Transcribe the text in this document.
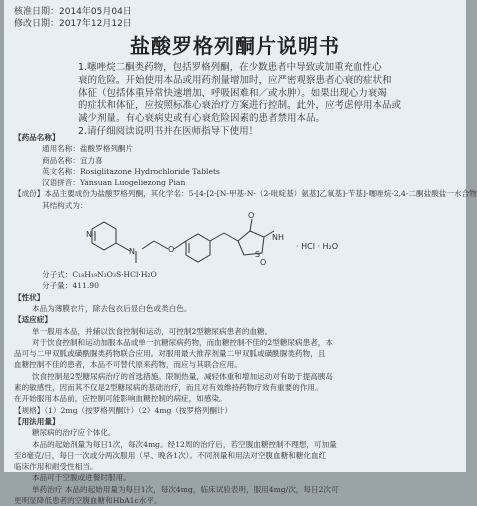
核准日期：2014年05月04日
修改日期：2017年12月12日
盐酸罗格列酮片说明书

1.噻唑烷二酮类药物，包括罗格列酮，在少数患者中导致或加重充血性心

衰的危险。开始使用本品或用药剂量增加时，应严密观察患者心衰的症状和

体征（包括体重异常快速增加、呼吸困难和／或水肿）。如果出现心力衰竭

的症状和体征，应按照标准心衰治疗方案进行控制。此外，应考虑停用本品或

减少剂量。有心衰病史或有心衰危险因素的患者禁用本品。

2.请仔细阅读说明书并在医师指导下使用！

【药品名称】
通用名称：盐酸罗格列酮片
商品名称：宜力喜
英文名称：Rosiglitazone Hydrochloride Tablets
汉语拼音：Yansuan Luogeliezong Pian
【成份】本品主要成份为盐酸罗格列酮，其化学名：5-[4-[2-[N-甲基-N-（2-吡啶基）氨基]乙氧基]-苄基]-噻唑烷-2,4-二酮盐酸盐一水合物
其结构式为：
N
N	O
S
O
NH
O
· HCl · H₂O
分子式：C₁₈H₁₉N₃O₃S·HCl·H₂O
分子量：411.90
【性状】
本品为薄膜衣片，除去包衣后显白色或类白色。
【适应症】
单一服用本品，并辅以饮食控制和运动，可控制2型糖尿病患者的血糖。
对于饮食控制和运动加服本品或单一抗糖尿病药物，而血糖控制不佳的2型糖尿病患者，本
品可与二甲双胍或磺酰脲类药物联合应用。对服用最大推荐剂量二甲双胍或磺酰脲类药物，且
血糖控制不佳的患者，本品不可替代原来药物，而应与其联合应用。
饮食控制是2型糖尿病治疗的首选措施。限制热量，减轻体重和增加运动对有助于提高胰岛
素的敏感性，因而其不仅是2型糖尿病的基础治疗，而且对有效维持药物疗效有重要的作用。
在开始服用本品前，应控制可能影响血糖控制的病症，如感染。
【规格】（1）2mg（按罗格列酮计）（2）4mg（按罗格列酮计）
【用法用量】
糖尿病的治疗应个体化。
本品的起始剂量为每日1次，每次4mg。经12周的治疗后，若空腹血糖控制不理想，可加量
至8毫克/日，每日一次或分两次服用（早、晚各1次）。不同剂量和用法对空腹血糖和糖化血红
临床作用和耐受性相当。
本品可于空腹或进餐时服用。
单药治疗 本品的起始用量为每日1次，每次4mg，临床试验表明，服用4mg/次，每日2次可
更明显降低患者的空腹血糖和HbA1c水平。
